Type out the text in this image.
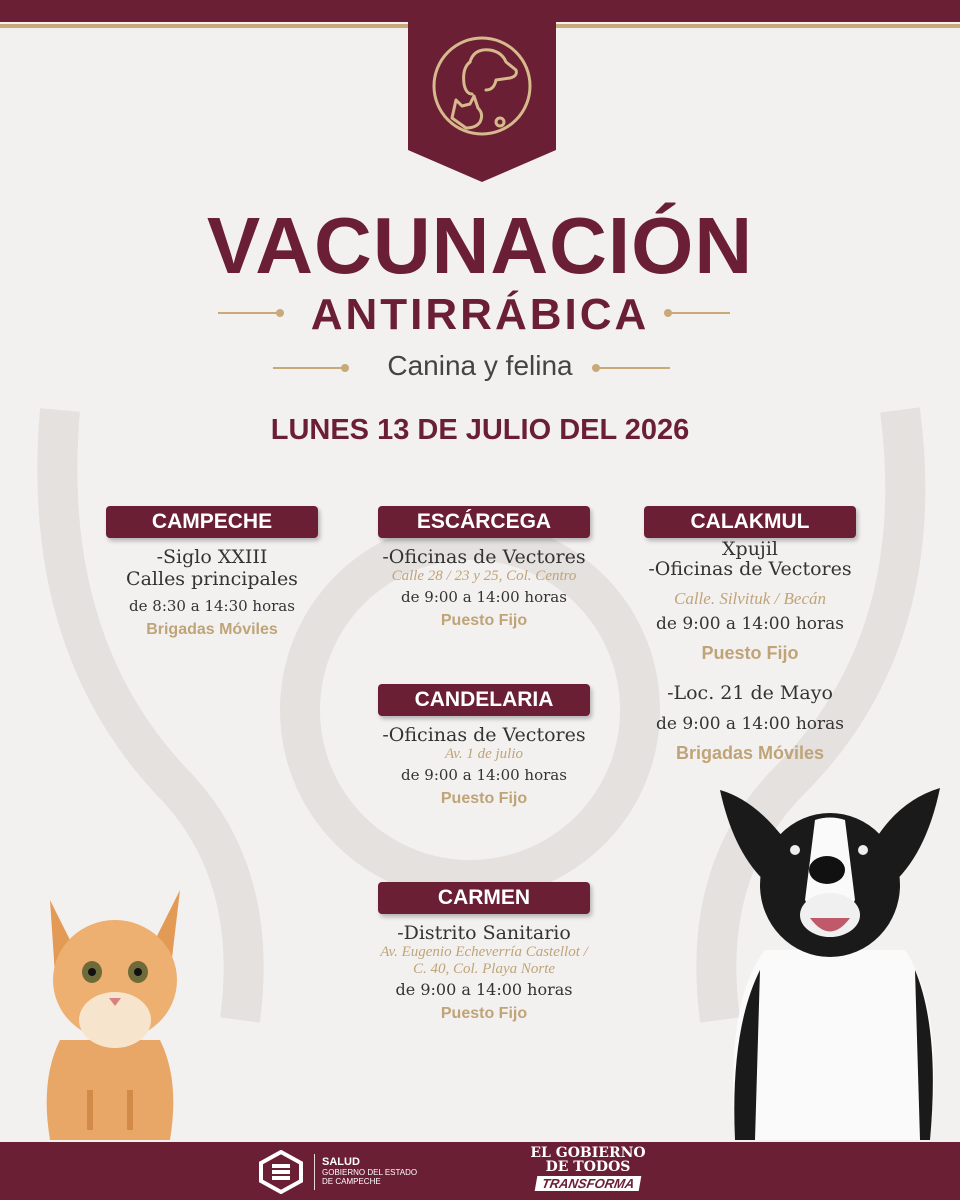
VACUNACIÓN
ANTIRRÁBICA
Canina y felina
LUNES 13 DE JULIO DEL 2026
CAMPECHE
-Siglo XXIII
Calles principales
de 8:30 a 14:30 horas
Brigadas Móviles
ESCÁRCEGA
-Oficinas de Vectores
Calle 28 / 23 y 25, Col. Centro
de 9:00 a 14:00 horas
Puesto Fijo
CALAKMUL
Xpujil
-Oficinas de Vectores
Calle. Silvituk / Becán
de 9:00 a 14:00 horas
Puesto Fijo
-Loc. 21 de Mayo
de 9:00 a 14:00 horas
Brigadas Móviles
CANDELARIA
-Oficinas de Vectores
Av. 1 de julio
de 9:00 a 14:00 horas
Puesto Fijo
CARMEN
-Distrito Sanitario
Av. Eugenio Echeverría Castellot /
C. 40, Col. Playa Norte
de 9:00 a 14:00 horas
Puesto Fijo
SALUD
GOBIERNO DEL ESTADO
DE CAMPECHE
EL GOBIERNO
DE TODOS
TRANSFORMA
